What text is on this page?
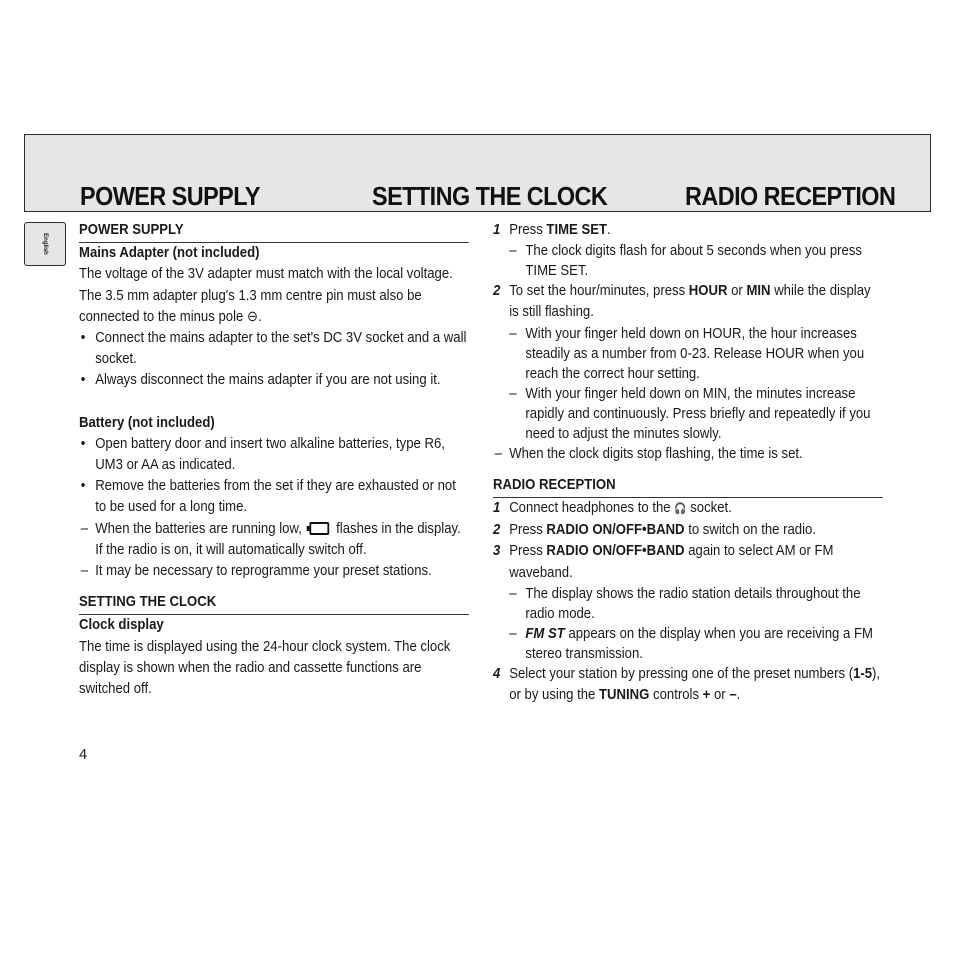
POWER SUPPLY	SETTING THE CLOCK	RADIO RECEPTION
English
POWER SUPPLY
Mains Adapter (not included)

The voltage of the 3V adapter must match with the local voltage. The 3.5 mm adapter plug's 1.3 mm centre pin must also be connected to the minus pole ⊖.

• Connect the mains adapter to the set's DC 3V socket and a wall socket.
• Always disconnect the mains adapter if you are not using it.
Battery (not included)
• Open battery door and insert two alkaline batteries, type R6, UM3 or AA as indicated.
• Remove the batteries from the set if they are exhausted or not to be used for a long time.
– When the batteries are running low, flashes in the display. If the radio is on, it will automatically switch off.
– It may be necessary to reprogramme your preset stations.
SETTING THE CLOCK
Clock display

The time is displayed using the 24-hour clock system. The clock display is shown when the radio and cassette functions are switched off.

4
1 Press TIME SET.
– The clock digits flash for about 5 seconds when you press TIME SET.
2 To set the hour/minutes, press HOUR or MIN while the display is still flashing.
– With your finger held down on HOUR, the hour increases steadily as a number from 0-23. Release HOUR when you reach the correct hour setting.
– With your finger held down on MIN, the minutes increase rapidly and continuously. Press briefly and repeatedly if you need to adjust the minutes slowly.
– When the clock digits stop flashing, the time is set.
RADIO RECEPTION
1 Connect headphones to the 🎧 socket.
2 Press RADIO ON/OFF•BAND to switch on the radio.
3 Press RADIO ON/OFF•BAND again to select AM or FM waveband.
– The display shows the radio station details throughout the radio mode.
– FM ST appears on the display when you are receiving a FM stereo transmission.
4 Select your station by pressing one of the preset numbers (1-5), or by using the TUNING controls + or –.
